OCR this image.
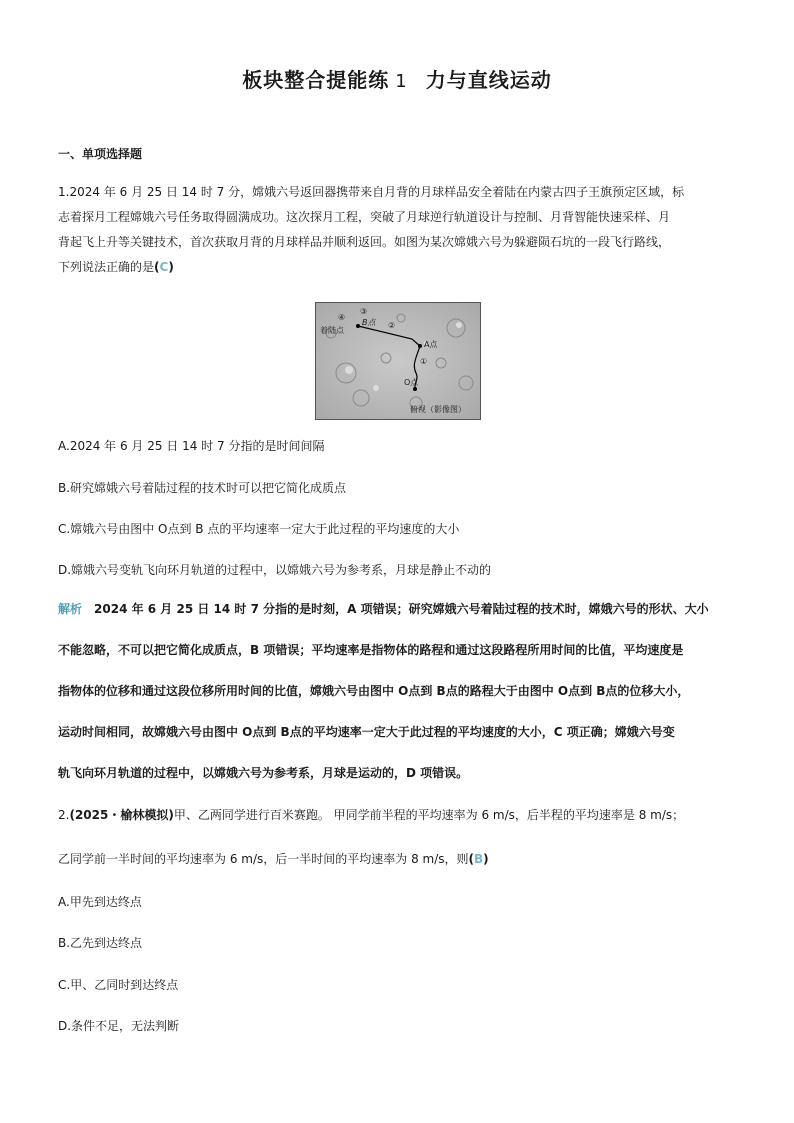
板块整合提能练 1 力与直线运动
一、单项选择题
1.2024 年 6 月 25 日 14 时 7 分，嫦娥六号返回器携带来自月背的月球样品安全着陆在内蒙古四子王旗预定区域，标
志着探月工程嫦娥六号任务取得圆满成功。这次探月工程，突破了月球逆行轨道设计与控制、月背智能快速采样、月
背起飞上升等关键技术，首次获取月背的月球样品并顺利返回。如图为某次嫦娥六号为躲避陨石坑的一段飞行路线，
下列说法正确的是(C)
④
着陆点
③
B点 ②
A点
①
O点
俯视（影像图）
A.2024 年 6 月 25 日 14 时 7 分指的是时间间隔
B.研究嫦娥六号着陆过程的技术时可以把它简化成质点
C.嫦娥六号由图中 O点到 B 点的平均速率一定大于此过程的平均速度的大小
D.嫦娥六号变轨飞向环月轨道的过程中，以嫦娥六号为参考系，月球是静止不动的
解析 2024 年 6 月 25 日 14 时 7 分指的是时刻，A 项错误；研究嫦娥六号着陆过程的技术时，嫦娥六号的形状、大小
不能忽略，不可以把它简化成质点，B 项错误；平均速率是指物体的路程和通过这段路程所用时间的比值，平均速度是
指物体的位移和通过这段位移所用时间的比值，嫦娥六号由图中 O点到 B点的路程大于由图中 O点到 B点的位移大小，
运动时间相同，故嫦娥六号由图中 O点到 B点的平均速率一定大于此过程的平均速度的大小，C 项正确；嫦娥六号变
轨飞向环月轨道的过程中，以嫦娥六号为参考系，月球是运动的，D 项错误。
2.(2025・榆林模拟)甲、乙两同学进行百米赛跑。 甲同学前半程的平均速率为 6 m/s，后半程的平均速率是 8 m/s；
乙同学前一半时间的平均速率为 6 m/s，后一半时间的平均速率为 8 m/s，则(B)
A.甲先到达终点
B.乙先到达终点
C.甲、乙同时到达终点
D.条件不足，无法判断
